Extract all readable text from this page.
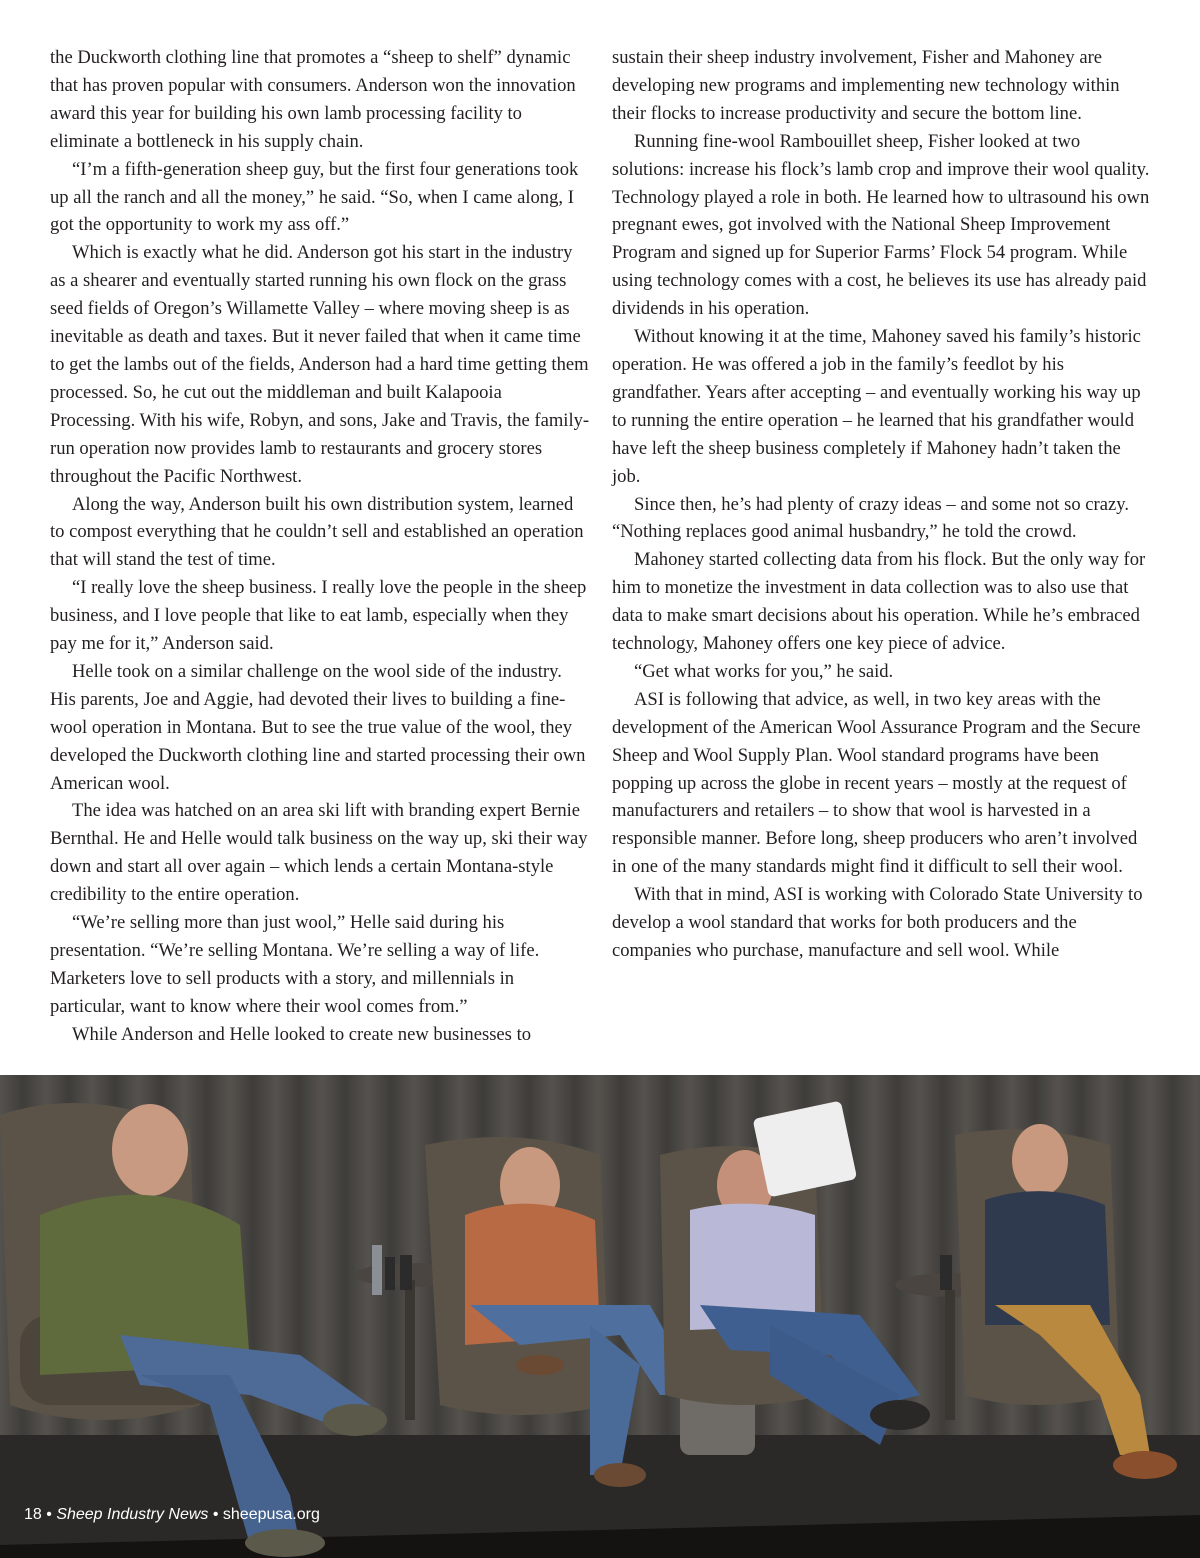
the Duckworth clothing line that promotes a “sheep to shelf” dynamic that has proven popular with consumers. Anderson won the innovation award this year for building his own lamb processing facility to eliminate a bottleneck in his supply chain.

“I’m a fifth-generation sheep guy, but the first four generations took up all the ranch and all the money,” he said. “So, when I came along, I got the opportunity to work my ass off.”

Which is exactly what he did. Anderson got his start in the industry as a shearer and eventually started running his own flock on the grass seed fields of Oregon’s Willamette Valley – where moving sheep is as inevitable as death and taxes. But it never failed that when it came time to get the lambs out of the fields, Anderson had a hard time getting them processed. So, he cut out the middleman and built Kalapooia Processing. With his wife, Robyn, and sons, Jake and Travis, the family-run operation now provides lamb to restaurants and grocery stores throughout the Pacific Northwest.

Along the way, Anderson built his own distribution system, learned to compost everything that he couldn’t sell and established an operation that will stand the test of time.

“I really love the sheep business. I really love the people in the sheep business, and I love people that like to eat lamb, especially when they pay me for it,” Anderson said.

Helle took on a similar challenge on the wool side of the industry. His parents, Joe and Aggie, had devoted their lives to building a fine-wool operation in Montana. But to see the true value of the wool, they developed the Duckworth clothing line and started processing their own American wool.

The idea was hatched on an area ski lift with branding expert Bernie Bernthal. He and Helle would talk business on the way up, ski their way down and start all over again – which lends a certain Montana-style credibility to the entire operation.

“We’re selling more than just wool,” Helle said during his presentation. “We’re selling Montana. We’re selling a way of life. Marketers love to sell products with a story, and millennials in particular, want to know where their wool comes from.”

While Anderson and Helle looked to create new businesses to

sustain their sheep industry involvement, Fisher and Mahoney are developing new programs and implementing new technology within their flocks to increase productivity and secure the bottom line.

Running fine-wool Rambouillet sheep, Fisher looked at two solutions: increase his flock’s lamb crop and improve their wool quality. Technology played a role in both. He learned how to ultrasound his own pregnant ewes, got involved with the National Sheep Improvement Program and signed up for Superior Farms’ Flock 54 program. While using technology comes with a cost, he believes its use has already paid dividends in his operation.

Without knowing it at the time, Mahoney saved his family’s historic operation. He was offered a job in the family’s feedlot by his grandfather. Years after accepting – and eventually working his way up to running the entire operation – he learned that his grandfather would have left the sheep business completely if Mahoney hadn’t taken the job.

Since then, he’s had plenty of crazy ideas – and some not so crazy. “Nothing replaces good animal husbandry,” he told the crowd.

Mahoney started collecting data from his flock. But the only way for him to monetize the investment in data collection was to also use that data to make smart decisions about his operation. While he’s embraced technology, Mahoney offers one key piece of advice.

“Get what works for you,” he said.

ASI is following that advice, as well, in two key areas with the development of the American Wool Assurance Program and the Secure Sheep and Wool Supply Plan. Wool standard programs have been popping up across the globe in recent years – mostly at the request of manufacturers and retailers – to show that wool is harvested in a responsible manner. Before long, sheep producers who aren’t involved in one of the many standards might find it difficult to sell their wool.

With that in mind, ASI is working with Colorado State University to develop a wool standard that works for both producers and the companies who purchase, manufacture and sell wool. While

18 • Sheep Industry News • sheepusa.org
